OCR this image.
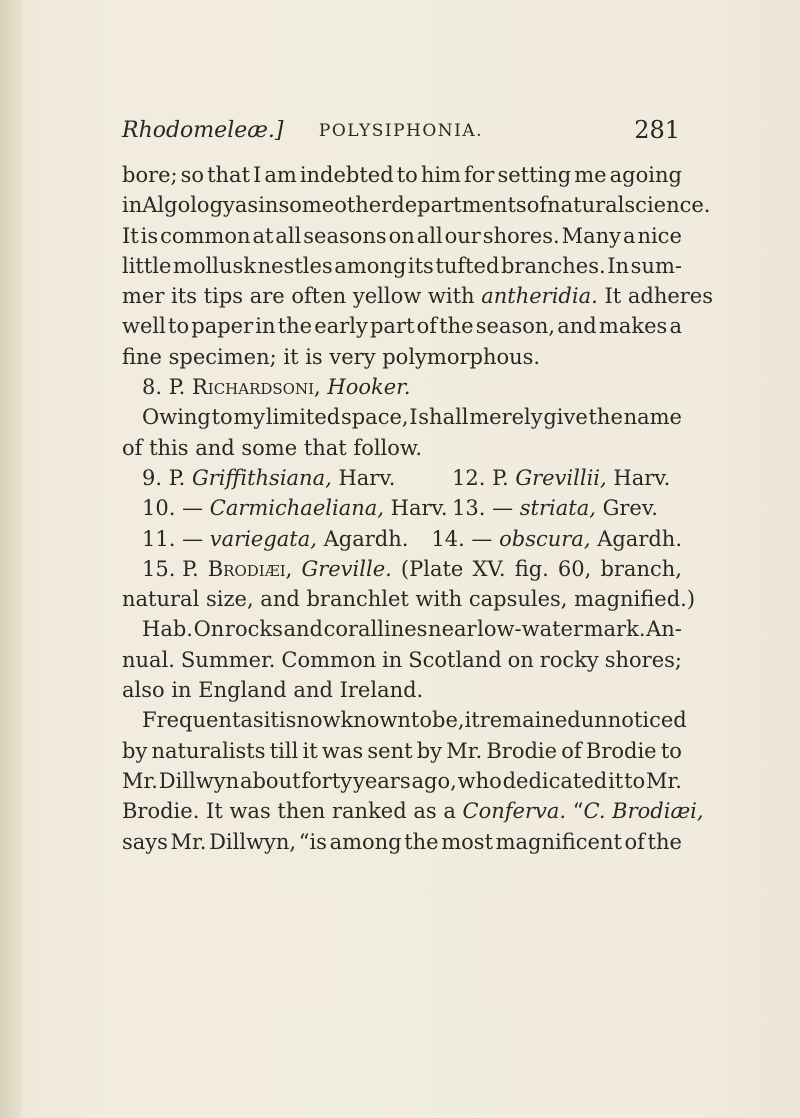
Rhodomeleæ.]	POLYSIPHONIA.	281
bore; so that I am indebted to him for setting me agoing
in Algology as in some other departments of natural science.
It is common at all seasons on all our shores. Many a nice
little mollusk nestles among its tufted branches. In sum-
mer its tips are often yellow with antheridia. It adheres
well to paper in the early part of the season, and makes a
fine specimen; it is very polymorphous.
8. P. Richardsoni, Hooker.
Owing to my limited space, I shall merely give the name
of this and some that follow.
9. P. Griffithsiana, Harv.	12. P. Grevillii, Harv.
10. — Carmichaeliana, Harv. 13. — striata, Grev.
11. — variegata, Agardh.	14. — obscura, Agardh.
15. P. Brodiæi, Greville. (Plate XV. fig. 60, branch,
natural size, and branchlet with capsules, magnified.)
Hab. On rocks and corallines near low-water mark. An-
nual. Summer. Common in Scotland on rocky shores;
also in England and Ireland.
Frequent as it is now known to be, it remained unnoticed
by naturalists till it was sent by Mr. Brodie of Brodie to
Mr. Dillwyn about forty years ago, who dedicated it to Mr.
Brodie. It was then ranked as a Conferva. “C. Brodiæi,
says Mr. Dillwyn, “is among the most magnificent of the
